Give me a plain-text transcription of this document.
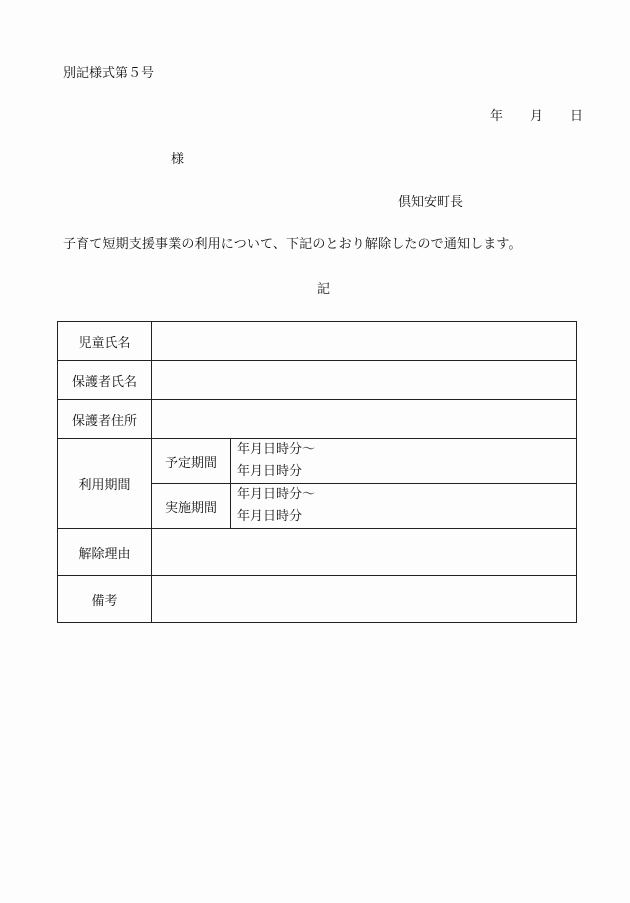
別記様式第５号
年 月 日
様
倶知安町長
子育て短期支援事業の利用について、下記のとおり解除したので通知します。
記
児童氏名		
保護者氏名		
保護者住所		
利用期間	予定期間	年月日時分～
年月日時分

	実施期間	年月日時分～
年月日時分

解除理由		
備考		
